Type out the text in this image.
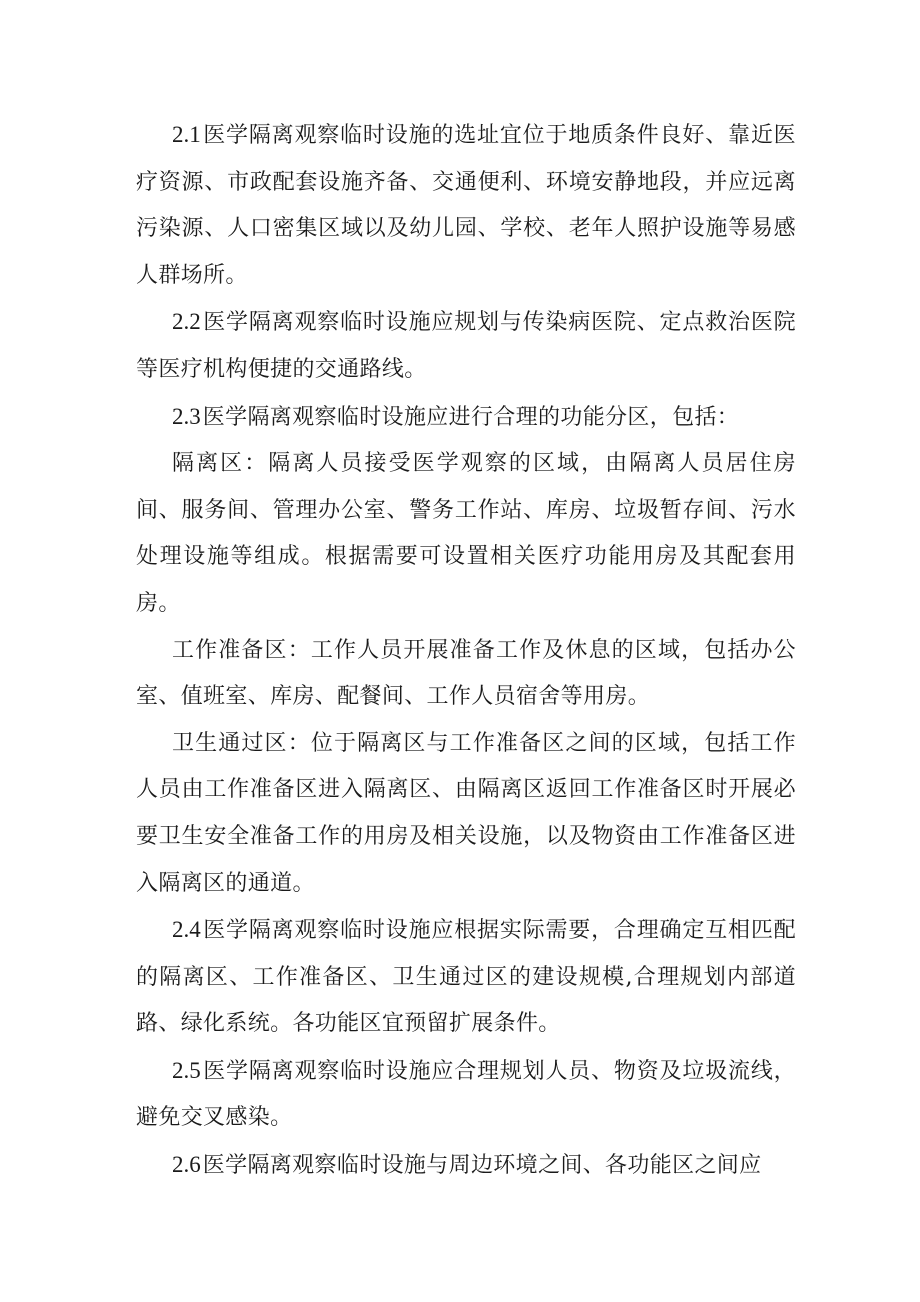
2.1医学隔离观察临时设施的选址宜位于地质条件良好、靠近医疗资源、市政配套设施齐备、交通便利、环境安静地段，并应远离污染源、人口密集区域以及幼儿园、学校、老年人照护设施等易感人群场所。

2.2医学隔离观察临时设施应规划与传染病医院、定点救治医院等医疗机构便捷的交通路线。

2.3医学隔离观察临时设施应进行合理的功能分区，包括：

隔离区：隔离人员接受医学观察的区域，由隔离人员居住房间、服务间、管理办公室、警务工作站、库房、垃圾暂存间、污水处理设施等组成。根据需要可设置相关医疗功能用房及其配套用房。

工作准备区：工作人员开展准备工作及休息的区域，包括办公室、值班室、库房、配餐间、工作人员宿舍等用房。

卫生通过区：位于隔离区与工作准备区之间的区域，包括工作人员由工作准备区进入隔离区、由隔离区返回工作准备区时开展必要卫生安全准备工作的用房及相关设施，以及物资由工作准备区进入隔离区的通道。

2.4医学隔离观察临时设施应根据实际需要，合理确定互相匹配的隔离区、工作准备区、卫生通过区的建设规模,合理规划内部道路、绿化系统。各功能区宜预留扩展条件。

2.5医学隔离观察临时设施应合理规划人员、物资及垃圾流线，避免交叉感染。

2.6医学隔离观察临时设施与周边环境之间、各功能区之间应
